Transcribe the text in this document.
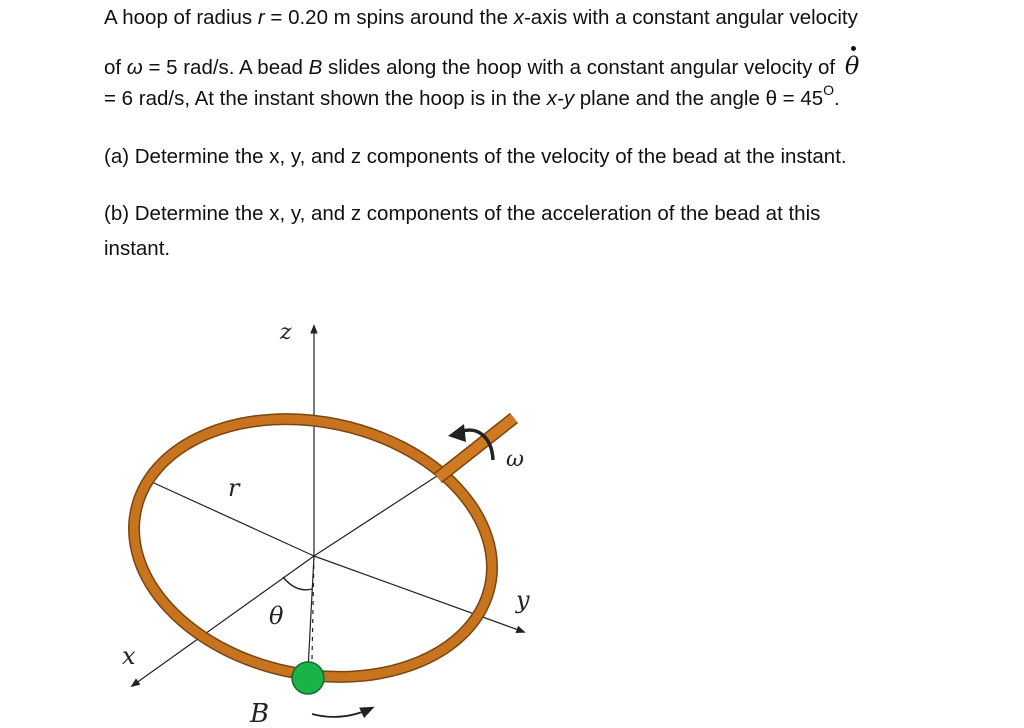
A hoop of radius r = 0.20 m spins around the x-axis with a constant angular velocity
of ω = 5 rad/s. A bead B slides along the hoop with a constant angular velocity of θ
= 6 rad/s, At the instant shown the hoop is in the x-y plane and the angle $\theta = 45^O$.
(a) Determine the x, y, and z components of the velocity of the bead at the instant.
(b) Determine the x, y, and z components of the acceleration of the bead at this
instant.
z
r
ω
y
θ
x
B
